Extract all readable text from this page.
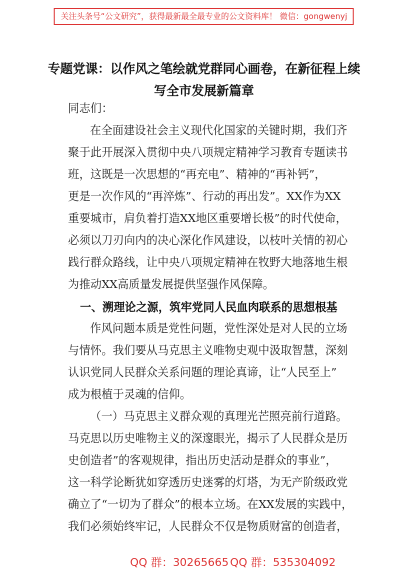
关注头条号“公文研究”，获得最新最全最专业的公文资料库！ 微信：gongwenyj
专题党课：以作风之笔绘就党群同心画卷，在新征程上续
写全市发展新篇章
同志们：
在全面建设社会主义现代化国家的关键时期，我们齐
聚于此开展深入贯彻中央八项规定精神学习教育专题读书
班，这既是一次思想的“再充电”、精神的“再补钙”，
更是一次作风的“再淬炼”、行动的再出发”。XX作为XX
重要城市，肩负着打造XX地区重要增长极”的时代使命，
必须以刀刃向内的决心深化作风建设，以枝叶关情的初心
践行群众路线，让中央八项规定精神在牧野大地落地生根
为推动XX高质量发展提供坚强作风保障。
一、溯理论之源，筑牢党同人民血肉联系的思想根基
作风问题本质是党性问题，党性深处是对人民的立场
与情怀。我们要从马克思主义唯物史观中汲取智慧，深刻
认识党同人民群众关系问题的理论真谛，让“人民至上”
成为根植于灵魂的信仰。
（一）马克思主义群众观的真理光芒照亮前行道路。
马克思以历史唯物主义的深邃眼光，揭示了人民群众是历
史创造者”的客观规律，指出历史活动是群众的事业”，
这一科学论断犹如穿透历史迷雾的灯塔，为无产阶级政党
确立了“一切为了群众”的根本立场。在XX发展的实践中，
我们必须始终牢记，人民群众不仅是物质财富的创造者，
QQ 群：30265665 QQ 群：535304092
